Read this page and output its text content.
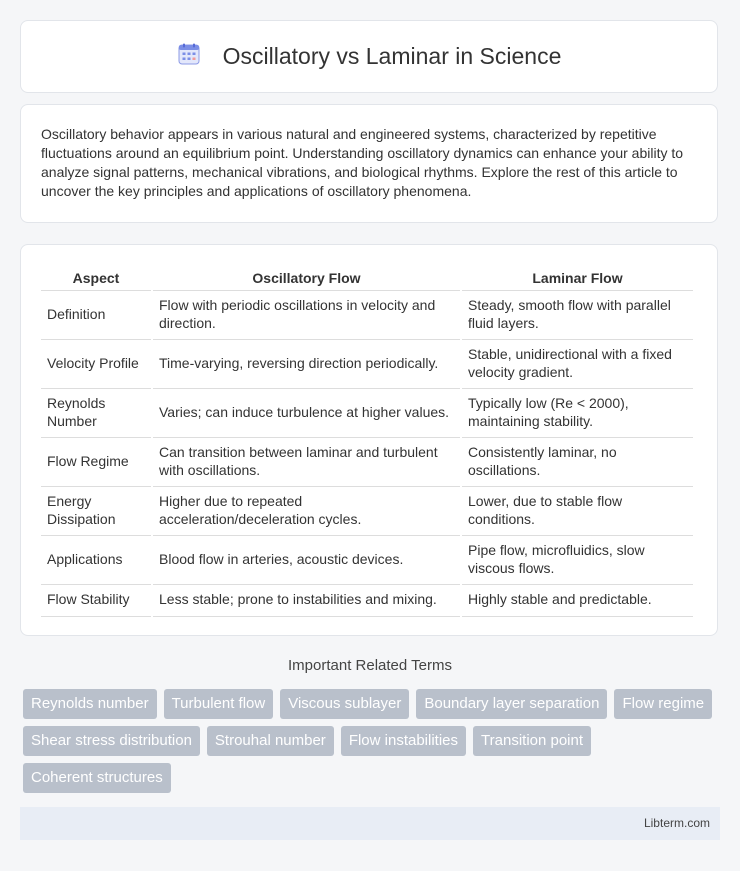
Oscillatory vs Laminar in Science

Oscillatory behavior appears in various natural and engineered systems, characterized by repetitive fluctuations around an equilibrium point. Understanding oscillatory dynamics can enhance your ability to analyze signal patterns, mechanical vibrations, and biological rhythms. Explore the rest of this article to uncover the key principles and applications of oscillatory phenomena.

Aspect	Oscillatory Flow	Laminar Flow
Definition	Flow with periodic oscillations in velocity and direction.	Steady, smooth flow with parallel fluid layers.
Velocity Profile	Time-varying, reversing direction periodically.	Stable, unidirectional with a fixed velocity gradient.
Reynolds Number	Varies; can induce turbulence at higher values.	Typically low (Re < 2000), maintaining stability.
Flow Regime	Can transition between laminar and turbulent with oscillations.	Consistently laminar, no oscillations.
Energy Dissipation	Higher due to repeated acceleration/deceleration cycles.	Lower, due to stable flow conditions.
Applications	Blood flow in arteries, acoustic devices.	Pipe flow, microfluidics, slow viscous flows.
Flow Stability	Less stable; prone to instabilities and mixing.	Highly stable and predictable.
Important Related Terms
Reynolds number	Turbulent flow	Viscous sublayer	Boundary layer separation	Flow regime
Shear stress distribution	Strouhal number	Flow instabilities	Transition point
Coherent structures
Libterm.com
